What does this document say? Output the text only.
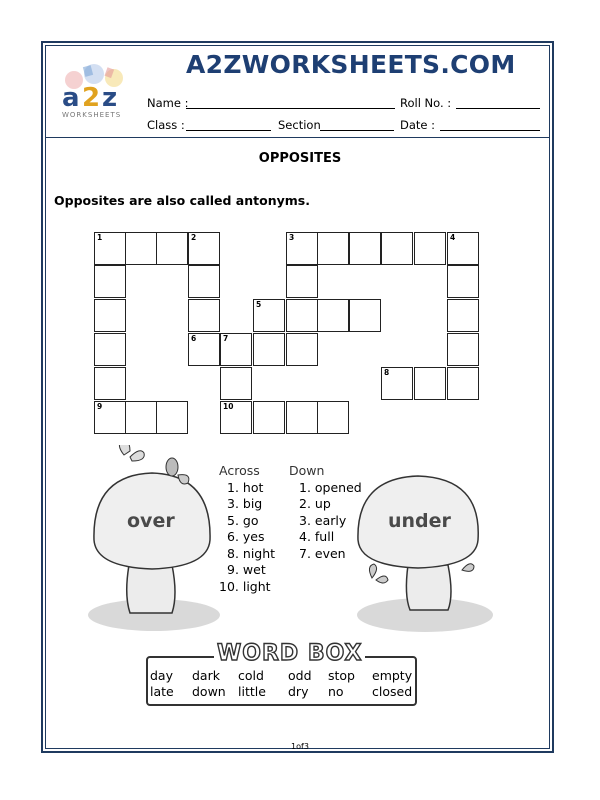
a 2 z
WORKSHEETS
A2ZWORKSHEETS.COM
Name :	Roll No. :
Class :	Section	Date :
OPPOSITES
Opposites are also called antonyms.
1	2	3	4
5
6	7
8
9	10
over	under
Across
1. hot
3. big
5. go
6. yes
8. night
9. wet
10. light
Down
1. opened
2. up
3. early
4. full
7. even
WORD BOX
day dark cold odd stop empty
late down little dry no closed
1of3
